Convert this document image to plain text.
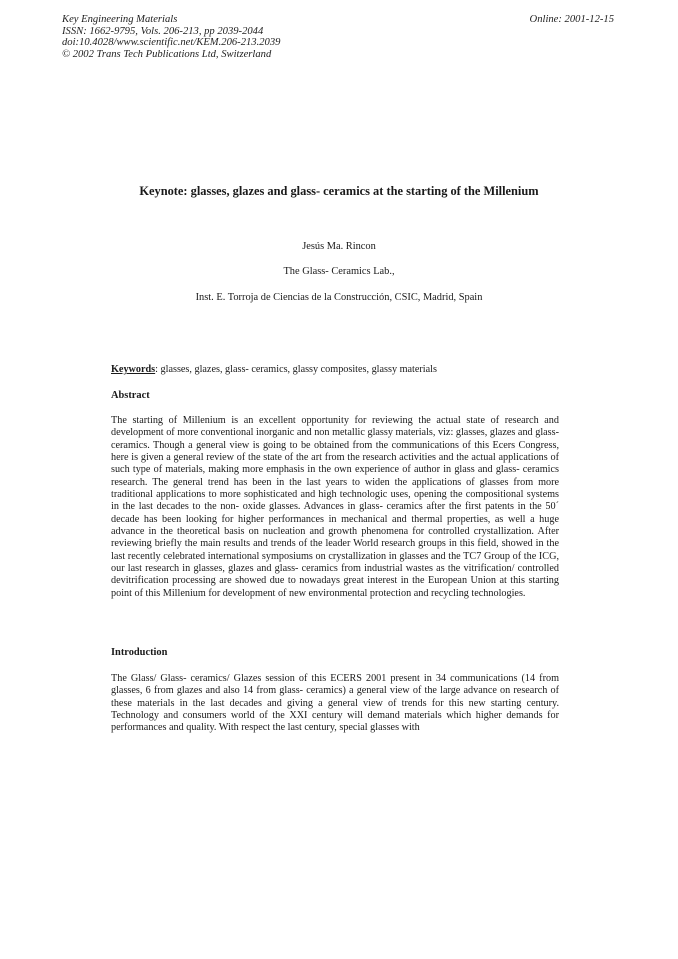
Key Engineering Materials
ISSN: 1662-9795, Vols. 206-213, pp 2039-2044
doi:10.4028/www.scientific.net/KEM.206-213.2039
© 2002 Trans Tech Publications Ltd, Switzerland
Online: 2001-12-15
Keynote: glasses, glazes and glass- ceramics at the starting of the Millenium
Jesús Ma. Rincon
The Glass- Ceramics Lab.,
Inst. E. Torroja de Ciencias de la Construcción, CSIC, Madrid, Spain
Keywords: glasses, glazes, glass- ceramics, glassy composites, glassy materials
Abstract
The starting of Millenium is an excellent opportunity for reviewing the actual state of research and development of more conventional inorganic and non metallic glassy materials, viz: glasses, glazes and glass- ceramics. Though a general view is going to be obtained from the communications of this Ecers Congress, here is given a general review of the state of the art from the research activities and the actual applications of such type of materials, making more emphasis in the own experience of author in glass and glass- ceramics research. The general trend has been in the last years to widen the applications of glasses from more traditional applications to more sophisticated and high technologic uses, opening the compositional systems in the last decades to the non- oxide glasses. Advances in glass- ceramics after the first patents in the 50´ decade has been looking for higher performances in mechanical and thermal properties, as well a huge advance in the theoretical basis on nucleation and growth phenomena for controlled crystallization. After reviewing briefly the main results and trends of the leader World research groups in this field, showed in the last recently celebrated international symposiums on crystallization in glasses and the TC7 Group of the ICG, our last research in glasses, glazes and glass- ceramics from industrial wastes as the vitrification/ controlled devitrification processing are showed due to nowadays great interest in the European Union at this starting point of this Millenium for development of new environmental protection and recycling technologies.
Introduction
The Glass/ Glass- ceramics/ Glazes session of this ECERS 2001 present in 34 communications (14 from glasses, 6 from glazes and also 14 from glass- ceramics) a general view of the large advance on research of these materials in the last decades and giving a general view of trends for this new starting century. Technology and consumers world of the XXI century will demand materials which higher demands for performances and quality. With respect the last century, special glasses with
